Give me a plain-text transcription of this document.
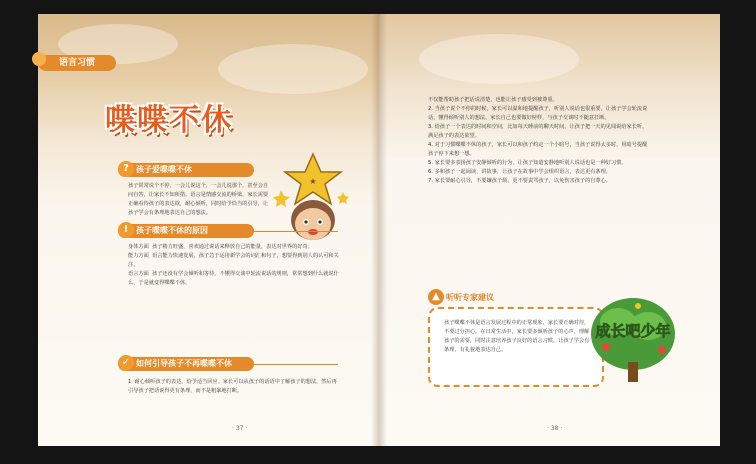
语言习惯
喋喋不休
? 孩子爱喋喋不休
孩子常常说个不停，一会儿说这个，一会儿说那个，甚至会自问自答，让家长不知所措。语言是情感交流的桥梁，家长需要正确看待孩子的表达欲，耐心倾听，同时给予恰当的引导，让孩子学会有条理地表达自己的想法。
★
! 孩子喋喋不休的原因
身体方面  孩子精力旺盛，喜欢通过说话来释放自己的能量，表达对世界的好奇。
能力方面  语言能力快速发展，孩子急于运用新学会的词汇和句子，想要得到别人的认可和关注。
语言方面  孩子还没有学会倾听和等待，不懂得交谈中轮流说话的规则，常常想到什么就说什么，于是就变得喋喋不休。
✓ 如何引导孩子不再喋喋不休
1. 耐心倾听孩子的表达，给予适当回应。家长可以从孩子的话语中了解孩子的想法，然后再引导孩子把话说得更有条理，而不是粗暴地打断。
· 37 ·
不仅能帮助孩子把话说清楚，也能让孩子感受到被尊重。
2. 当孩子说个不停的时候，家长可以温和地提醒孩子，听别人说话也很重要，让孩子学会轮流说话，懂得倾听别人的想法。家长自己也要做好榜样，与孩子交谈时不随意打断。
3. 给孩子一个表达的时间和空间，比如每天睡前的聊天时间，让孩子把一天的见闻说给家长听，满足孩子的表达欲望。
4. 对于习惯喋喋不休的孩子，家长可以和孩子约定一个小暗号，当孩子说得太多时，用暗号提醒孩子停下来想一想。
5. 家长要多表扬孩子安静倾听的行为，让孩子知道安静地听别人说话也是一种好习惯。
6. 多和孩子一起阅读、讲故事，让孩子在故事中学会组织语言，表达更有条理。
7. 家长要耐心引导，不要嫌孩子烦，更不要责骂孩子，以免伤害孩子的自尊心。
▲ 听听专家建议
孩子喋喋不休是语言发展过程中的正常现象，家长要正确对待，不要过分担心。在日常生活中，家长要多倾听孩子的心声，理解孩子的需要，同时注意培养孩子良好的语言习惯，让孩子学会有条理、有礼貌地表达自己。
成长吧少年
· 38 ·
